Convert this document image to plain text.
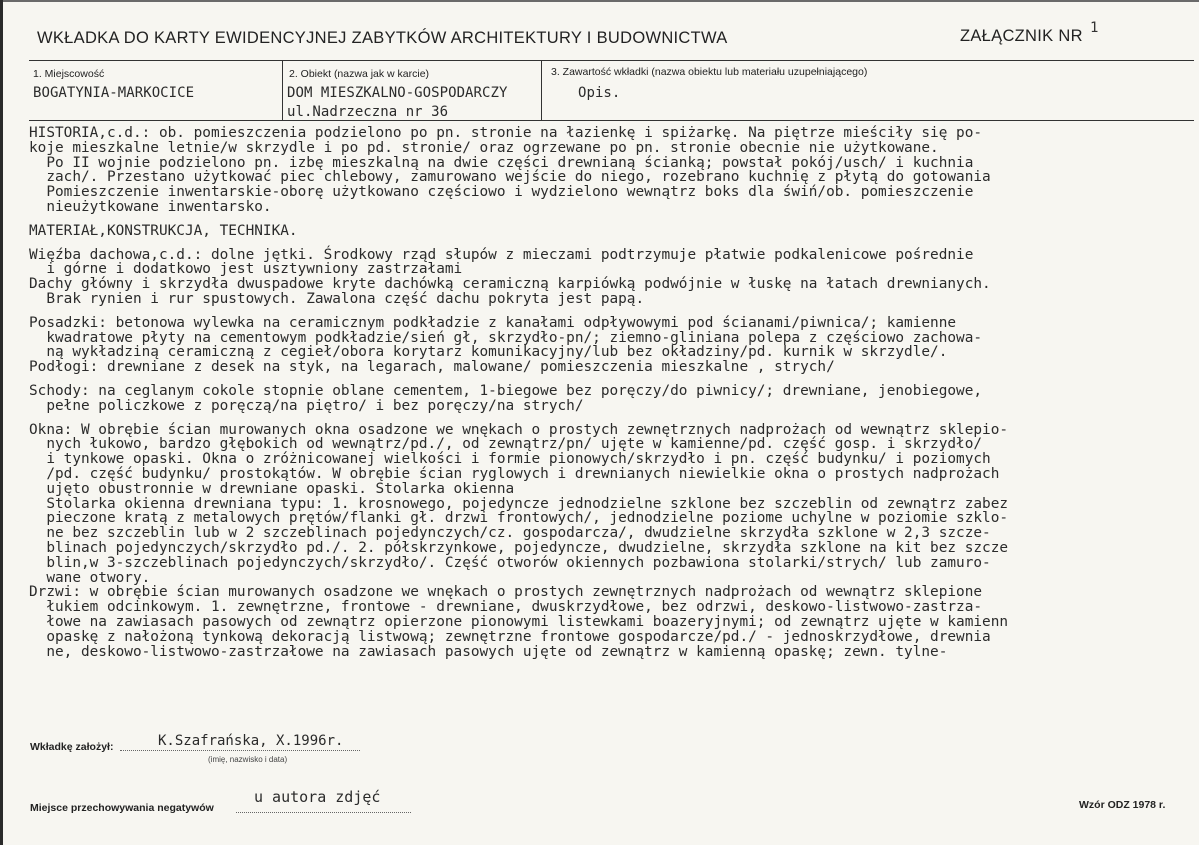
WKŁADKA DO KARTY EWIDENCYJNEJ ZABYTKÓW ARCHITEKTURY I BUDOWNICTWA	ZAŁĄCZNIK NR 1
1. Miejscowość
BOGATYNIA-MARKOCICE
2. Obiekt (nazwa jak w karcie)
DOM MIESZKALNO-GOSPODARCZY
ul.Nadrzeczna nr 36
3. Zawartość wkładki (nazwa obiektu lub materiału uzupełniającego)
Opis.
HISTORIA,c.d.: ob. pomieszczenia podzielono po pn. stronie na łazienkę i spiżarkę. Na piętrze mieściły się po-
koje mieszkalne letnie/w skrzydle i po pd. stronie/ oraz ogrzewane po pn. stronie obecnie nie użytkowane.
Po II wojnie podzielono pn. izbę mieszkalną na dwie części drewnianą ścianką; powstał pokój/usch/ i kuchnia
zach/. Przestano użytkować piec chlebowy, zamurowano wejście do niego, rozebrano kuchnię z płytą do gotowania
Pomieszczenie inwentarskie-oborę użytkowano częściowo i wydzielono wewnątrz boks dla świń/ob. pomieszczenie
nieużytkowane inwentarsko.
MATERIAŁ,KONSTRUKCJA, TECHNIKA.
Więźba dachowa,c.d.: dolne jętki. Środkowy rząd słupów z mieczami podtrzymuje płatwie podkalenicowe pośrednie
i górne i dodatkowo jest usztywniony zastrzałami
Dachy główny i skrzydła dwuspadowe kryte dachówką ceramiczną karpiówką podwójnie w łuskę na łatach drewnianych.
Brak rynien i rur spustowych. Zawalona część dachu pokryta jest papą.
Posadzki: betonowa wylewka na ceramicznym podkładzie z kanałami odpływowymi pod ścianami/piwnica/; kamienne
kwadratowe płyty na cementowym podkładzie/sień gł, skrzydło-pn/; ziemno-gliniana polepa z częściowo zachowa-
ną wykładziną ceramiczną z cegieł/obora korytarz komunikacyjny/lub bez okładziny/pd. kurnik w skrzydle/.
Podłogi: drewniane z desek na styk, na legarach, malowane/ pomieszczenia mieszkalne , strych/
Schody: na ceglanym cokole stopnie oblane cementem, 1-biegowe bez poręczy/do piwnicy/; drewniane, jenobiegowe,
pełne policzkowe z poręczą/na piętro/ i bez poręczy/na strych/
Okna: W obrębie ścian murowanych okna osadzone we wnękach o prostych zewnętrznych nadprożach od wewnątrz sklepio-
nych łukowo, bardzo głębokich od wewnątrz/pd./, od zewnątrz/pn/ ujęte w kamienne/pd. część gosp. i skrzydło/
i tynkowe opaski. Okna o zróżnicowanej wielkości i formie pionowych/skrzydło i pn. część budynku/ i poziomych
/pd. część budynku/ prostokątów. W obrębie ścian ryglowych i drewnianych niewielkie okna o prostych nadprożach
ujęto obustronnie w drewniane opaski. Stolarka okienna
Stolarka okienna drewniana typu: 1. krosnowego, pojedyncze jednodzielne szklone bez szczeblin od zewnątrz zabez
pieczone kratą z metalowych prętów/flanki gł. drzwi frontowych/, jednodzielne poziome uchylne w poziomie szklo-
ne bez szczeblin lub w 2 szczeblinach pojedynczych/cz. gospodarcza/, dwudzielne skrzydła szklone w 2,3 szcze-
blinach pojedynczych/skrzydło pd./. 2. półskrzynkowe, pojedyncze, dwudzielne, skrzydła szklone na kit bez szcze
blin,w 3-szczeblinach pojedynczych/skrzydło/. Część otworów okiennych pozbawiona stolarki/strych/ lub zamuro-
wane otwory.
Drzwi: w obrębie ścian murowanych osadzone we wnękach o prostych zewnętrznych nadprożach od wewnątrz sklepione
łukiem odcinkowym. 1. zewnętrzne, frontowe - drewniane, dwuskrzydłowe, bez odrzwi, deskowo-listwowo-zastrza-
łowe na zawiasach pasowych od zewnątrz opierzone pionowymi listewkami boazeryjnymi; od zewnątrz ujęte w kamienn
opaskę z nałożoną tynkową dekoracją listwową; zewnętrzne frontowe gospodarcze/pd./ - jednoskrzydłowe, drewnia
ne, deskowo-listwowo-zastrzałowe na zawiasach pasowych ujęte od zewnątrz w kamienną opaskę; zewn. tylne-
Wkładkę założył:	K.Szafrańska, X.1996r.
(imię, nazwisko i data)
Miejsce przechowywania negatywów
u autora zdjęć	Wzór ODZ 1978 r.
